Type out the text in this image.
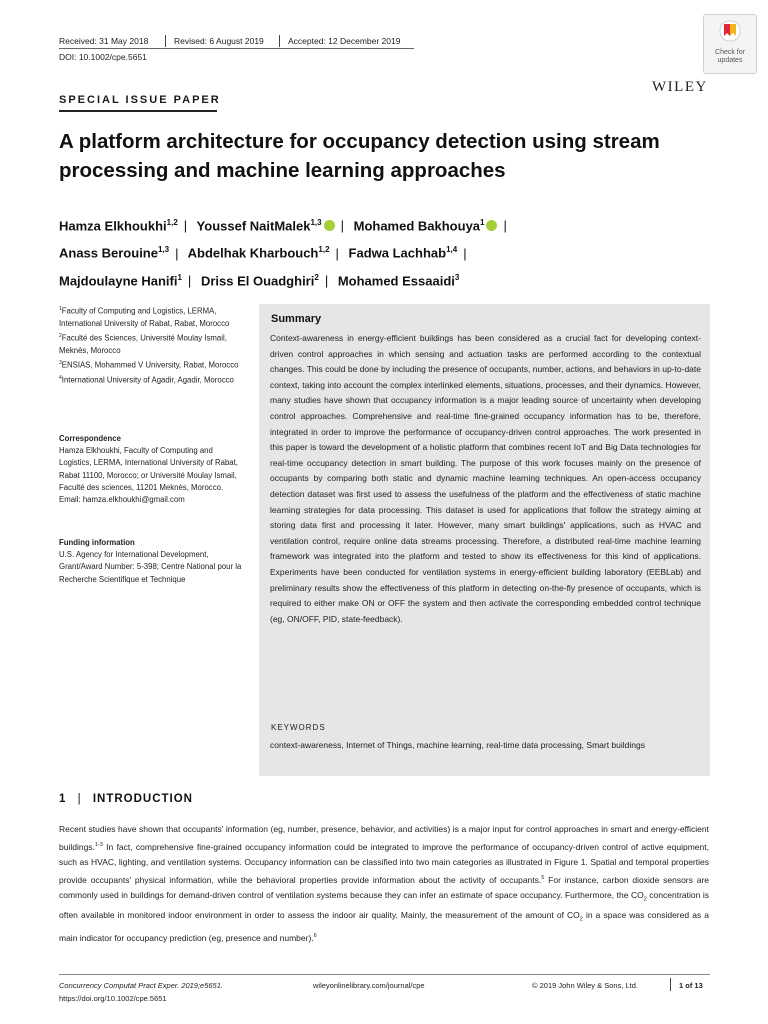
Received: 31 May 2018	Revised: 6 August 2019	Accepted: 12 December 2019
DOI: 10.1002/cpe.5651	Check for updates
WILEY
SPECIAL ISSUE PAPER
A platform architecture for occupancy detection using stream processing and machine learning approaches
Hamza Elkhoukhi$^{1,2}$ | Youssef NaitMalek$^{1,3}$ | Mohamed Bakhouya$^1$ |
Anass Berouine$^{1,3}$ | Abdelhak Kharbouch$^{1,2}$ | Fadwa Lachhab$^{1,4}$ |
Majdoulayne Hanifi$^1$ | Driss El Ouadghiri$^2$ | Mohamed Essaaidi$^3$
$^1$Faculty of Computing and Logistics, LERMA, International University of Rabat, Rabat, Morocco
$^2$Faculté des Sciences, Université Moulay Ismail, Meknès, Morocco
$^3$ENSIAS, Mohammed V University, Rabat, Morocco
$^4$International University of Agadir, Agadir, Morocco
Correspondence
Hamza Elkhoukhi, Faculty of Computing and Logistics, LERMA, International University of Rabat, Rabat 11100, Morocco; or Université Moulay Ismail, Faculté des sciences, 11201 Meknès, Morocco.
Email: hamza.elkhoukhi@gmail.com
Funding information
U.S. Agency for International Development, Grant/Award Number: 5-398; Centre National pour la Recherche Scientifique et Technique
Summary
Context-awareness in energy-efficient buildings has been considered as a crucial fact for developing context-driven control approaches in which sensing and actuation tasks are performed according to the contextual changes. This could be done by including the presence of occupants, number, actions, and behaviors in up-to-date context, taking into account the complex interlinked elements, situations, processes, and their dynamics. However, many studies have shown that occupancy information is a major leading source of uncertainty when developing control approaches. Comprehensive and real-time fine-grained occupancy information has to be, therefore, integrated in order to improve the performance of occupancy-driven control approaches. The work presented in this paper is toward the development of a holistic platform that combines recent IoT and Big Data technologies for real-time occupancy detection in smart building. The purpose of this work focuses mainly on the presence of occupants by comparing both static and dynamic machine learning techniques. An open-access occupancy detection dataset was first used to assess the usefulness of the platform and the effectiveness of static machine learning strategies for data processing. This dataset is used for applications that follow the strategy aiming at storing data first and processing it later. However, many smart buildings' applications, such as HVAC and ventilation control, require online data streams processing. Therefore, a distributed real-time machine learning framework was integrated into the platform and tested to show its effectiveness for this kind of applications. Experiments have been conducted for ventilation systems in energy-efficient building laboratory (EEBLab) and preliminary results show the effectiveness of this platform in detecting on-the-fly presence of occupants, which is required to either make ON or OFF the system and then activate the corresponding embedded control technique (eg, ON/OFF, PID, state-feedback).
KEYWORDS
context-awareness, Internet of Things, machine learning, real-time data processing, Smart buildings
1 | INTRODUCTION
Recent studies have shown that occupants' information (eg, number, presence, behavior, and activities) is a major input for control approaches in smart and energy-efficient buildings.$^{1-3}$ In fact, comprehensive fine-grained occupancy information could be integrated to improve the performance of occupancy-driven control of active equipment, such as HVAC, lighting, and ventilation systems. Occupancy information can be classified into two main categories as illustrated in Figure 1. Spatial and temporal properties provide occupants' physical information, while the behavioral properties provide information about the activity of occupants.$^5$ For instance, carbon dioxide sensors are commonly used in buildings for demand-driven control of ventilation systems because they can infer an estimate of space occupancy. Furthermore, the $CO_2$ concentration is often available in monitored indoor environment in order to assess the indoor air quality. Mainly, the measurement of the amount of $CO_2$ in a space was considered as a main indicator for occupancy prediction (eg, presence and number).$^6$
Concurrency Computat Pract Exper. 2019;e5651.
https://doi.org/10.1002/cpe.5651
wileyonlinelibrary.com/journal/cpe	© 2019 John Wiley & Sons, Ltd.	1 of 13
